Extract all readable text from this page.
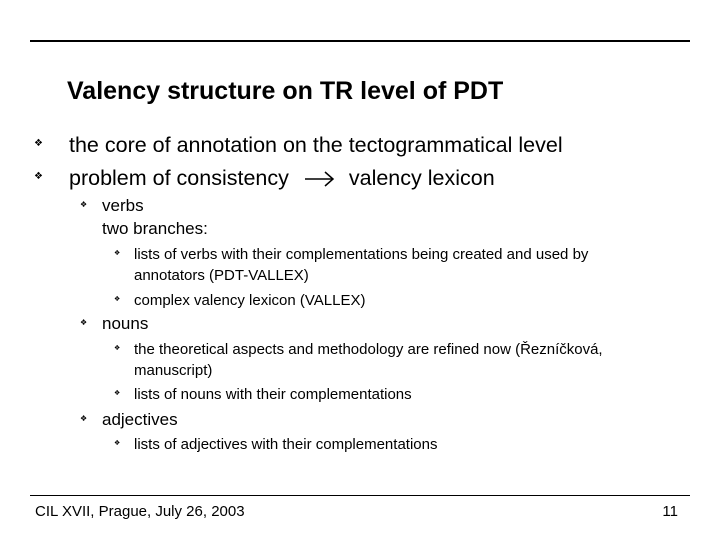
Valency structure on TR level of PDT
❖ the core of annotation on the tectogrammatical level
❖ problem of consistency	valency lexicon
❖ verbs
two branches:
❖ lists of verbs with their complementations being created and used by
annotators (PDT-VALLEX)
❖ complex valency lexicon (VALLEX)
❖ nouns
❖ the theoretical aspects and methodology are refined now (Řezníčková,
manuscript)
❖ lists of nouns with their complementations
❖ adjectives
❖ lists of adjectives with their complementations
CIL XVII, Prague, July 26, 2003	11
